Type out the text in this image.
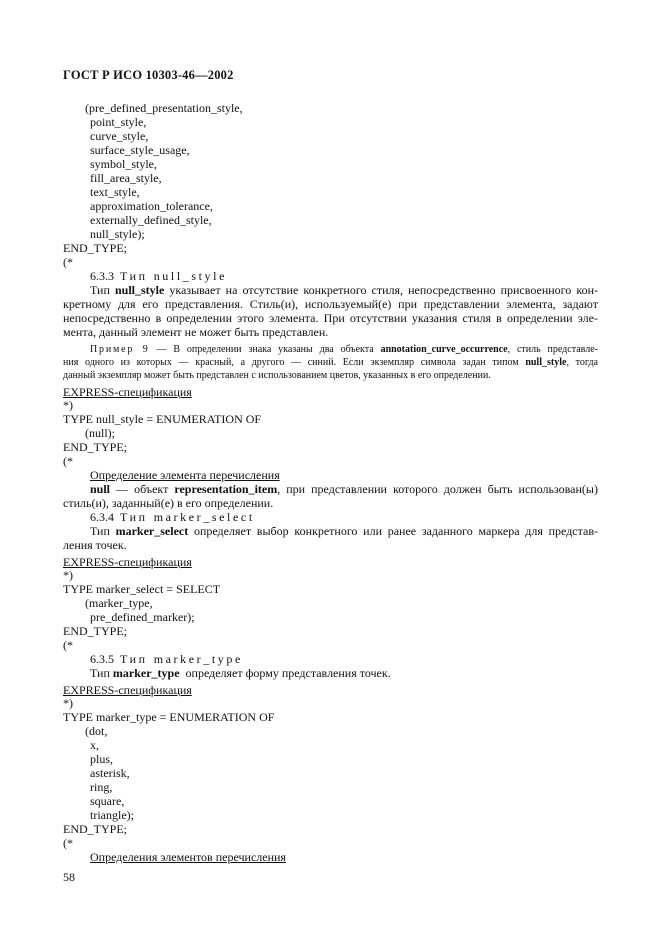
ГОСТ Р ИСО 10303-46—2002
(pre_defined_presentation_style,
point_style,
curve_style,
surface_style_usage,
symbol_style,
fill_area_style,
text_style,
approximation_tolerance,
externally_defined_style,
null_style);
END_TYPE;
(*
6.3.3 Тип null_style
Тип null_style указывает на отсутствие конкретного стиля, непосредственно присвоенного кон-
кретному для его представления. Стиль(и), используемый(е) при представлении элемента, задают
непосредственно в определении этого элемента. При отсутствии указания стиля в определении эле-
мента, данный элемент не может быть представлен.
Пример 9 — В определении знака указаны два объекта annotation_curve_occurrence, стиль представле-
ния одного из которых — красный, а другого — синий. Если экземпляр символа задан типом null_style, тогда
данный экземпляр может быть представлен с использованием цветов, указанных в его определении.
EXPRESS-спецификация
*)
TYPE null_style = ENUMERATION OF
(null);
END_TYPE;
(*
Определение элемента перечисления
null — объект representation_item, при представлении которого должен быть использован(ы)
стиль(и), заданный(е) в его определении.
6.3.4 Тип marker_select
Тип marker_select определяет выбор конкретного или ранее заданного маркера для представ-
ления точек.
EXPRESS-спецификация
*)
TYPE marker_select = SELECT
(marker_type,
pre_defined_marker);
END_TYPE;
(*
6.3.5 Тип marker_type
Тип marker_type  определяет форму представления точек.
EXPRESS-спецификация
*)
TYPE marker_type = ENUMERATION OF
(dot,
x,
plus,
asterisk,
ring,
square,
triangle);
END_TYPE;
(*
Определения элементов перечисления
58
